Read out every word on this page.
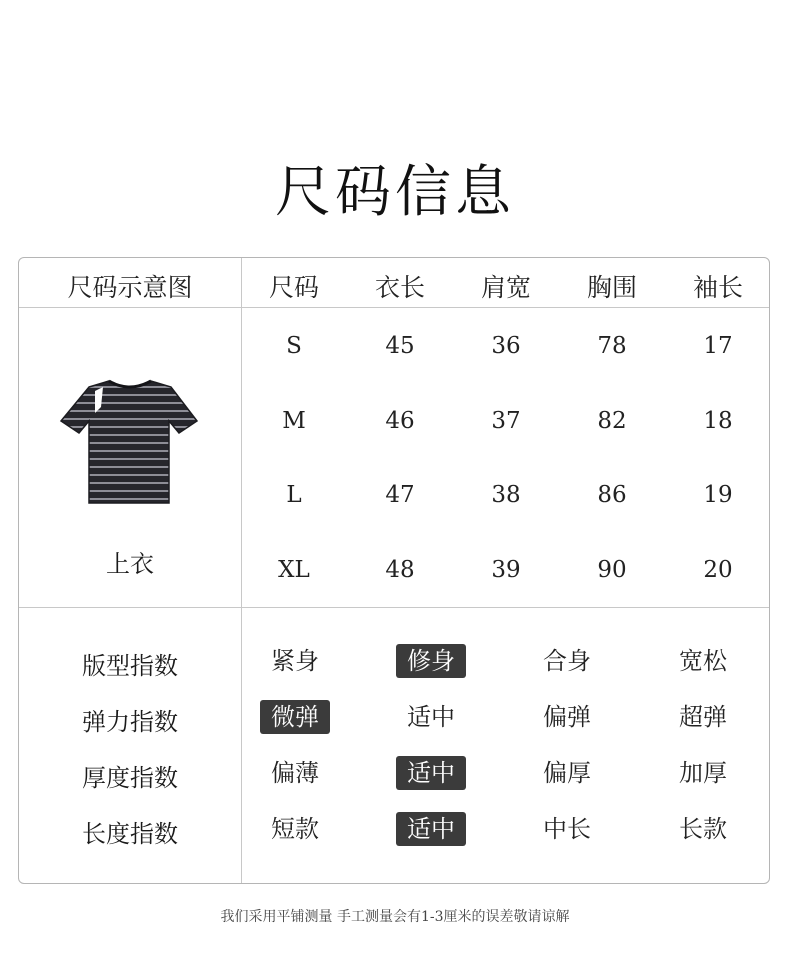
尺码信息
尺码示意图	尺码	衣长	肩宽	胸围	袖长
上衣
S	45	36	78	17
M	46	37	82	18
L	47	38	86	19
XL	48	39	90	20
版型指数	紧身	修身	合身	宽松
弹力指数	微弹	适中	偏弹	超弹
厚度指数	偏薄	适中	偏厚	加厚
长度指数	短款	适中	中长	长款
我们采用平铺测量 手工测量会有1-3厘米的误差敬请谅解
